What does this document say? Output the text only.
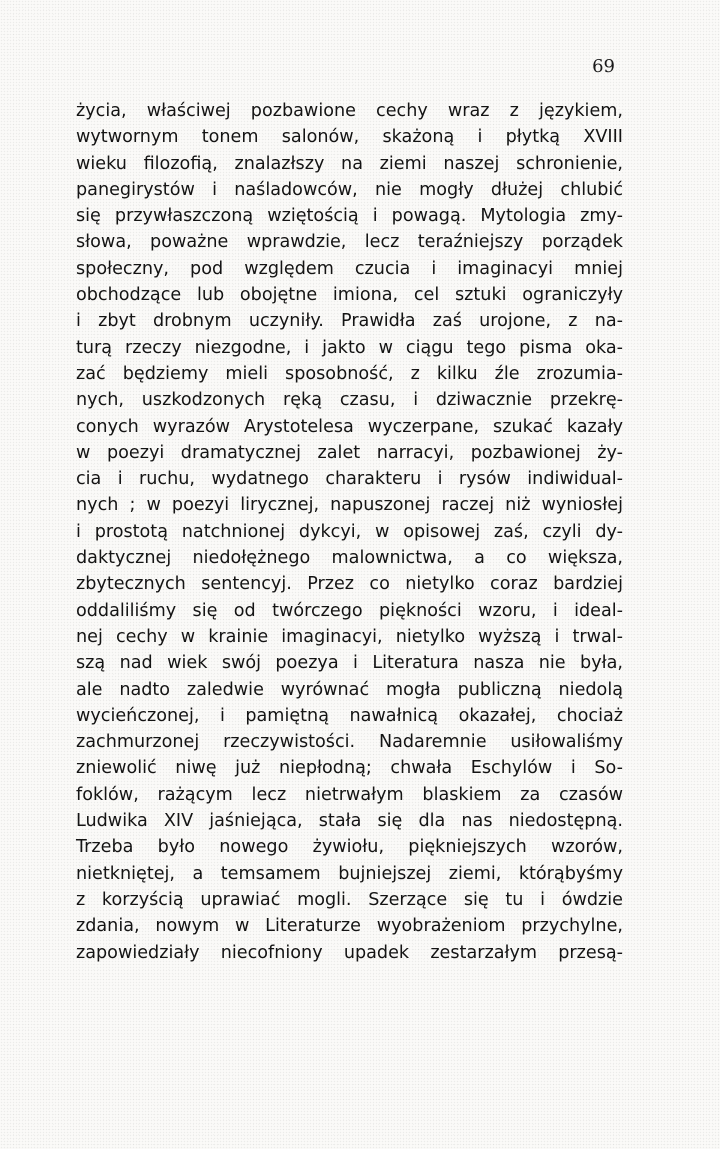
69
życia, właściwej pozbawione cechy wraz z językiem,
wytwornym tonem salonów, skażoną i płytką XVIII
wieku filozofią, znalazłszy na ziemi naszej schronienie,
panegirystów i naśladowców, nie mogły dłużej chlubić
się przywłaszczoną wziętością i powagą. Mytologia zmy-
słowa, poważne wprawdzie, lecz teraźniejszy porządek
społeczny, pod względem czucia i imaginacyi mniej
obchodzące lub obojętne imiona, cel sztuki ograniczyły
i zbyt drobnym uczyniły. Prawidła zaś urojone, z na-
turą rzeczy niezgodne, i jakto w ciągu tego pisma oka-
zać będziemy mieli sposobność, z kilku źle zrozumia-
nych, uszkodzonych ręką czasu, i dziwacznie przekrę-
conych wyrazów Arystotelesa wyczerpane, szukać kazały
w poezyi dramatycznej zalet narracyi, pozbawionej ży-
cia i ruchu, wydatnego charakteru i rysów indiwidual-
nych ; w poezyi lirycznej, napuszonej raczej niż wyniosłej
i prostotą natchnionej dykcyi, w opisowej zaś, czyli dy-
daktycznej niedołężnego malownictwa, a co większa,
zbytecznych sentencyj. Przez co nietylko coraz bardziej
oddaliliśmy się od twórczego piękności wzoru, i ideal-
nej cechy w krainie imaginacyi, nietylko wyższą i trwal-
szą nad wiek swój poezya i Literatura nasza nie była,
ale nadto zaledwie wyrównać mogła publiczną niedolą
wycieńczonej, i pamiętną nawałnicą okazałej, chociaż
zachmurzonej rzeczywistości. Nadaremnie usiłowaliśmy
zniewolić niwę już niepłodną; chwała Eschylów i So-
foklów, rażącym lecz nietrwałym blaskiem za czasów
Ludwika XIV jaśniejąca, stała się dla nas niedostępną.
Trzeba było nowego żywiołu, piękniejszych wzorów,
nietkniętej, a temsamem bujniejszej ziemi, którąbyśmy
z korzyścią uprawiać mogli. Szerzące się tu i ówdzie
zdania, nowym w Literaturze wyobrażeniom przychylne,
zapowiedziały niecofniony upadek zestarzałym przesą-
